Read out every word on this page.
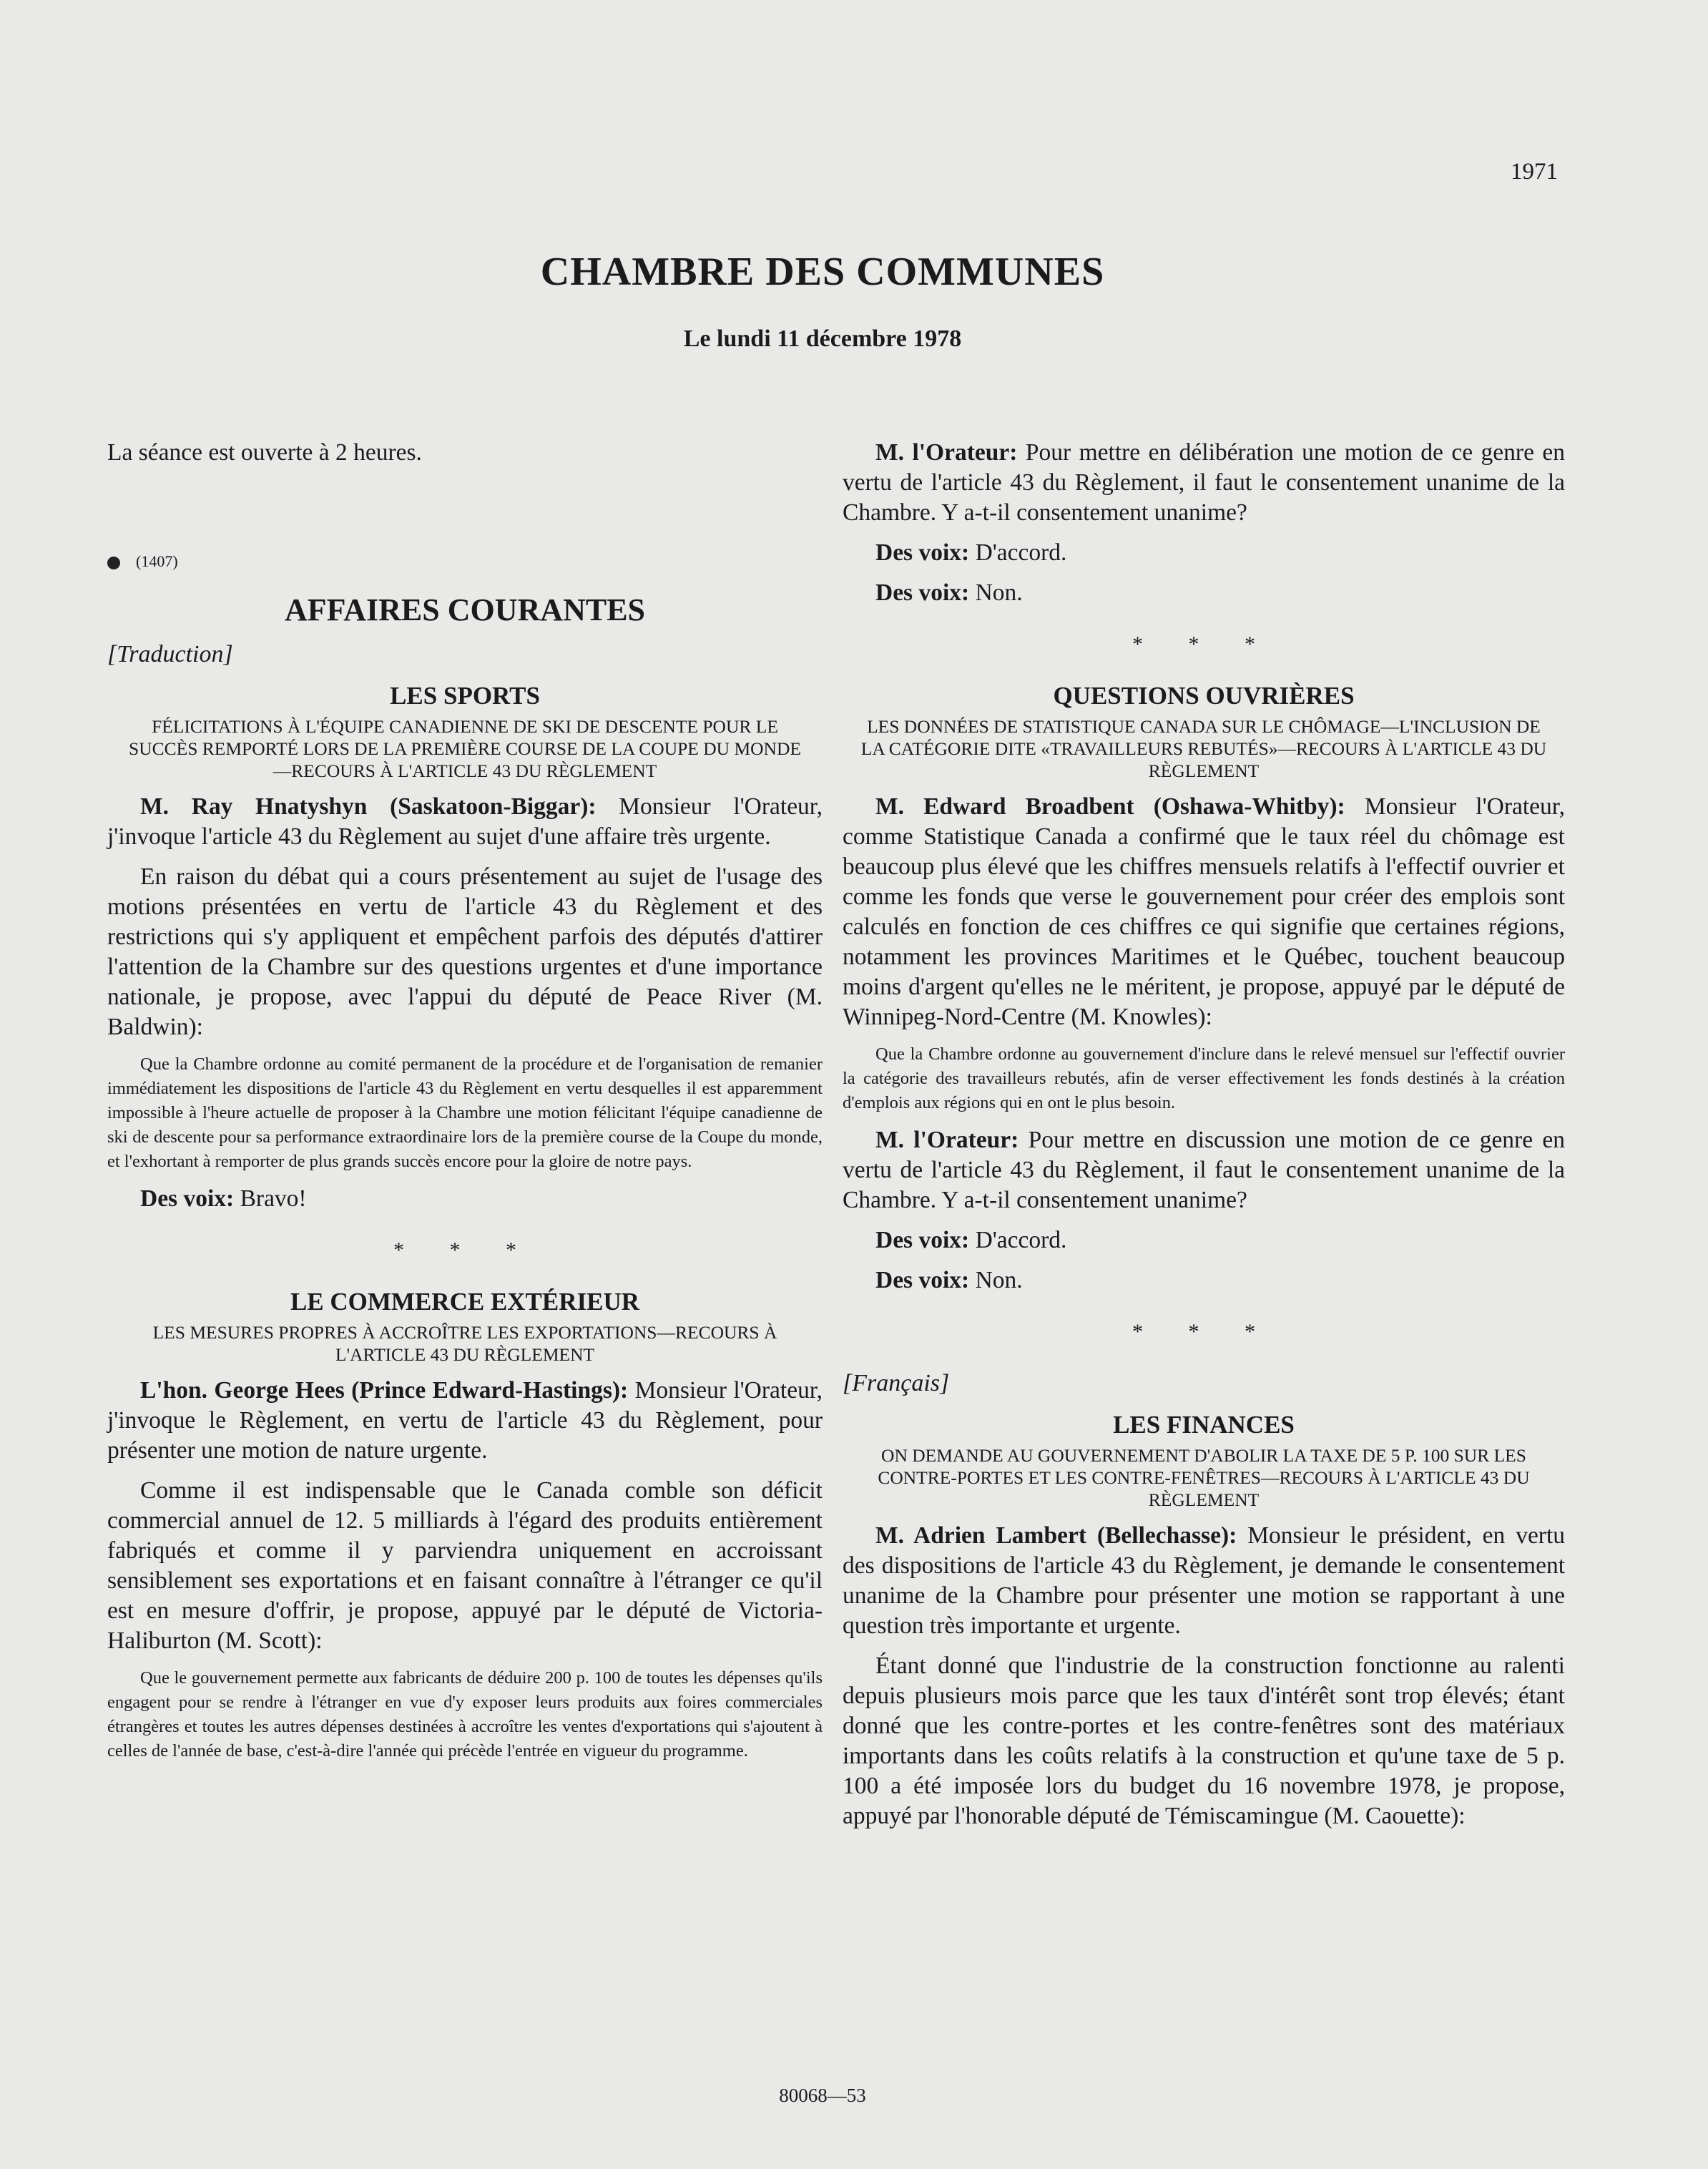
1971
CHAMBRE DES COMMUNES
Le lundi 11 décembre 1978

La séance est ouverte à 2 heures.

(1407)
AFFAIRES COURANTES
[Traduction]
LES SPORTS
FÉLICITATIONS À L'ÉQUIPE CANADIENNE DE SKI DE DESCENTE POUR LE SUCCÈS REMPORTÉ LORS DE LA PREMIÈRE COURSE DE LA COUPE DU MONDE—RECOURS À L'ARTICLE 43 DU RÈGLEMENT

M. Ray Hnatyshyn (Saskatoon-Biggar): Monsieur l'Orateur, j'invoque l'article 43 du Règlement au sujet d'une affaire très urgente.

En raison du débat qui a cours présentement au sujet de l'usage des motions présentées en vertu de l'article 43 du Règlement et des restrictions qui s'y appliquent et empêchent parfois des députés d'attirer l'attention de la Chambre sur des questions urgentes et d'une importance nationale, je propose, avec l'appui du député de Peace River (M. Baldwin):

Que la Chambre ordonne au comité permanent de la procédure et de l'organisation de remanier immédiatement les dispositions de l'article 43 du Règlement en vertu desquelles il est apparemment impossible à l'heure actuelle de proposer à la Chambre une motion félicitant l'équipe canadienne de ski de descente pour sa performance extraordinaire lors de la première course de la Coupe du monde, et l'exhortant à remporter de plus grands succès encore pour la gloire de notre pays.

Des voix: Bravo!

* * *
LE COMMERCE EXTÉRIEUR
LES MESURES PROPRES À ACCROÎTRE LES EXPORTATIONS—RECOURS À L'ARTICLE 43 DU RÈGLEMENT

L'hon. George Hees (Prince Edward-Hastings): Monsieur l'Orateur, j'invoque le Règlement, en vertu de l'article 43 du Règlement, pour présenter une motion de nature urgente.

Comme il est indispensable que le Canada comble son déficit commercial annuel de 12. 5 milliards à l'égard des produits entièrement fabriqués et comme il y parviendra uniquement en accroissant sensiblement ses exportations et en faisant connaître à l'étranger ce qu'il est en mesure d'offrir, je propose, appuyé par le député de Victoria-Haliburton (M. Scott):

Que le gouvernement permette aux fabricants de déduire 200 p. 100 de toutes les dépenses qu'ils engagent pour se rendre à l'étranger en vue d'y exposer leurs produits aux foires commerciales étrangères et toutes les autres dépenses destinées à accroître les ventes d'exportations qui s'ajoutent à celles de l'année de base, c'est-à-dire l'année qui précède l'entrée en vigueur du programme.

M. l'Orateur: Pour mettre en délibération une motion de ce genre en vertu de l'article 43 du Règlement, il faut le consentement unanime de la Chambre. Y a-t-il consentement unanime?

Des voix: D'accord.

Des voix: Non.

* * *
QUESTIONS OUVRIÈRES
LES DONNÉES DE STATISTIQUE CANADA SUR LE CHÔMAGE—L'INCLUSION DE LA CATÉGORIE DITE «TRAVAILLEURS REBUTÉS»—RECOURS À L'ARTICLE 43 DU RÈGLEMENT

M. Edward Broadbent (Oshawa-Whitby): Monsieur l'Orateur, comme Statistique Canada a confirmé que le taux réel du chômage est beaucoup plus élevé que les chiffres mensuels relatifs à l'effectif ouvrier et comme les fonds que verse le gouvernement pour créer des emplois sont calculés en fonction de ces chiffres ce qui signifie que certaines régions, notamment les provinces Maritimes et le Québec, touchent beaucoup moins d'argent qu'elles ne le méritent, je propose, appuyé par le député de Winnipeg-Nord-Centre (M. Knowles):

Que la Chambre ordonne au gouvernement d'inclure dans le relevé mensuel sur l'effectif ouvrier la catégorie des travailleurs rebutés, afin de verser effectivement les fonds destinés à la création d'emplois aux régions qui en ont le plus besoin.

M. l'Orateur: Pour mettre en discussion une motion de ce genre en vertu de l'article 43 du Règlement, il faut le consentement unanime de la Chambre. Y a-t-il consentement unanime?

Des voix: D'accord.

Des voix: Non.

* * *
[Français]
LES FINANCES
ON DEMANDE AU GOUVERNEMENT D'ABOLIR LA TAXE DE 5 P. 100 SUR LES CONTRE-PORTES ET LES CONTRE-FENÊTRES—RECOURS À L'ARTICLE 43 DU RÈGLEMENT

M. Adrien Lambert (Bellechasse): Monsieur le président, en vertu des dispositions de l'article 43 du Règlement, je demande le consentement unanime de la Chambre pour présenter une motion se rapportant à une question très importante et urgente.

Étant donné que l'industrie de la construction fonctionne au ralenti depuis plusieurs mois parce que les taux d'intérêt sont trop élevés; étant donné que les contre-portes et les contre-fenêtres sont des matériaux importants dans les coûts relatifs à la construction et qu'une taxe de 5 p. 100 a été imposée lors du budget du 16 novembre 1978, je propose, appuyé par l'honorable député de Témiscamingue (M. Caouette):

80068—53
